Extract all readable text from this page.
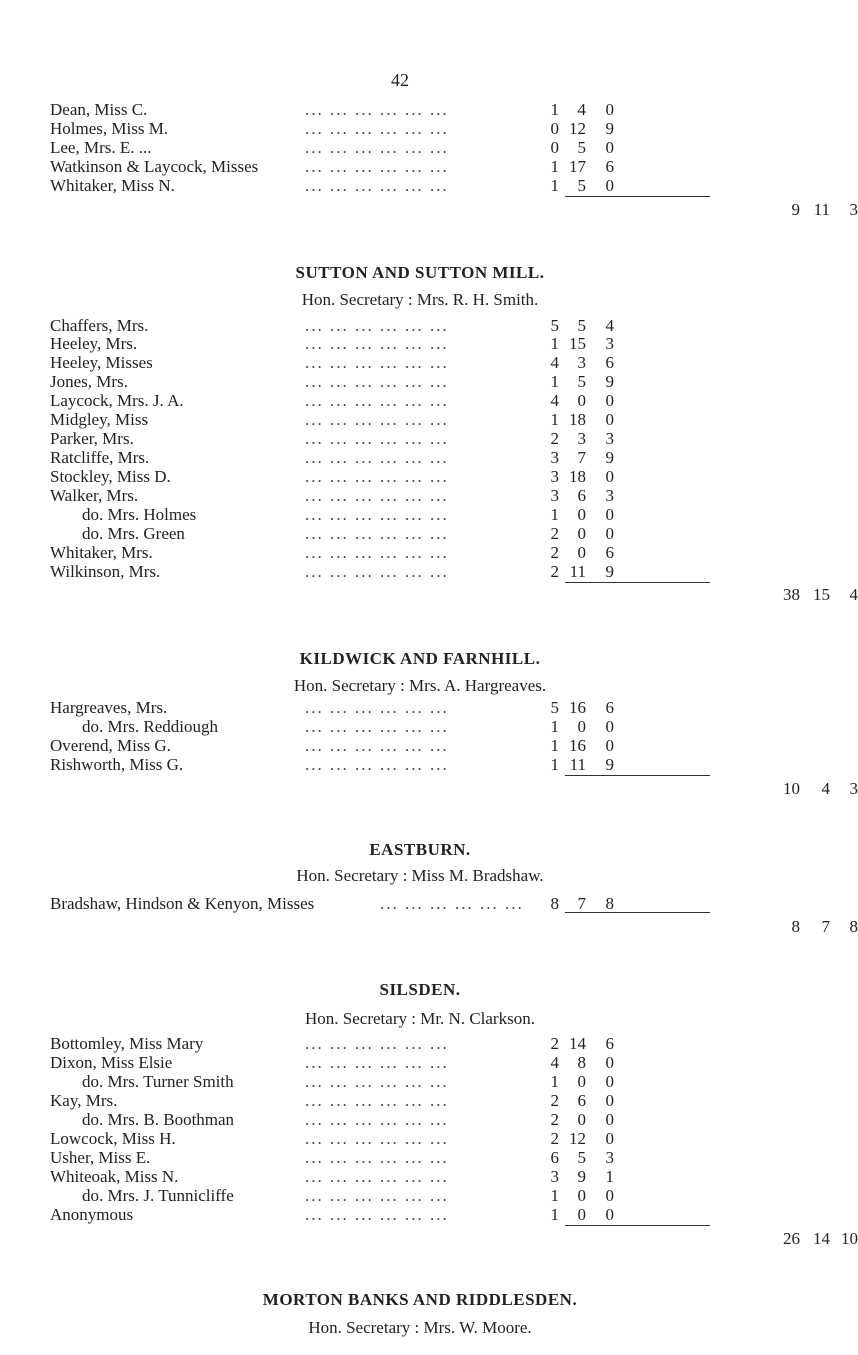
42
Dean, Miss C.	... ... ... ... ... ...	1	4	0
Holmes, Miss M.	... ... ... ... ... ...	0 12	9
Lee, Mrs. E. ...	... ... ... ... ... ...	0	5	0
Watkinson & Laycock, Misses	... ... ... ... ... ...	1 17	6
Whitaker, Miss N.	... ... ... ... ... ...	1	5	0
9 11	3
SUTTON AND SUTTON MILL.
Hon. Secretary : Mrs. R. H. Smith.
Chaffers, Mrs.	... ... ... ... ... ...	5	5	4
Heeley, Mrs.	... ... ... ... ... ...	1 15	3
Heeley, Misses	... ... ... ... ... ...	4	3	6
Jones, Mrs.	... ... ... ... ... ...	1	5	9
Laycock, Mrs. J. A.	... ... ... ... ... ...	4	0	0
Midgley, Miss	... ... ... ... ... ...	1 18	0
Parker, Mrs.	... ... ... ... ... ...	2	3	3
Ratcliffe, Mrs.	... ... ... ... ... ...	3	7	9
Stockley, Miss D.	... ... ... ... ... ...	3 18	0
Walker, Mrs.	... ... ... ... ... ...	3	6	3
do. Mrs. Holmes	... ... ... ... ... ...	1	0	0
do. Mrs. Green	... ... ... ... ... ...	2	0	0
Whitaker, Mrs.	... ... ... ... ... ...	2	0	6
Wilkinson, Mrs.	... ... ... ... ... ...	2 11	9
38 15	4
KILDWICK AND FARNHILL.
Hon. Secretary : Mrs. A. Hargreaves.
Hargreaves, Mrs.	... ... ... ... ... ...	5 16	6
do. Mrs. Reddiough	... ... ... ... ... ...	1	0	0
Overend, Miss G.	... ... ... ... ... ...	1 16	0
Rishworth, Miss G.	... ... ... ... ... ...	1 11	9
10	4	3
EASTBURN.
Hon. Secretary : Miss M. Bradshaw.
Bradshaw, Hindson & Kenyon, Misses	... ... ... ... ... ...	8	7	8
8	7	8
SILSDEN.
Hon. Secretary : Mr. N. Clarkson.
Bottomley, Miss Mary	... ... ... ... ... ...	2 14	6
Dixon, Miss Elsie	... ... ... ... ... ...	4	8	0
do. Mrs. Turner Smith	... ... ... ... ... ...	1	0	0
Kay, Mrs.	... ... ... ... ... ...	2	6	0
do. Mrs. B. Boothman	... ... ... ... ... ...	2	0	0
Lowcock, Miss H.	... ... ... ... ... ...	2 12	0
Usher, Miss E.	... ... ... ... ... ...	6	5	3
Whiteoak, Miss N.	... ... ... ... ... ...	3	9	1
do. Mrs. J. Tunnicliffe	... ... ... ... ... ...	1	0	0
Anonymous	... ... ... ... ... ...	1	0	0
26 14 10
MORTON BANKS AND RIDDLESDEN.
Hon. Secretary : Mrs. W. Moore.
